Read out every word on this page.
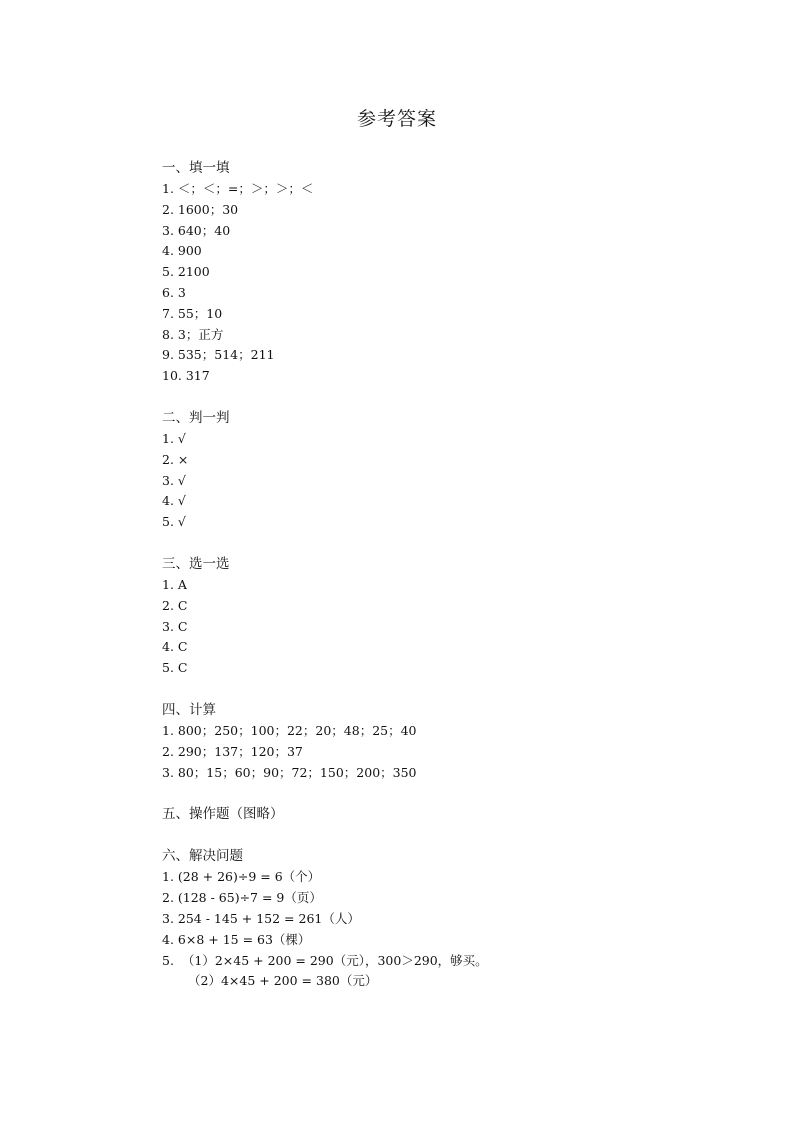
参考答案
一、填一填
1. ＜；＜；=；＞；＞；＜
2. 1600；30
3. 640；40
4. 900
5. 2100
6. 3
7. 55；10
8. 3；正方
9. 535；514；211
10. 317
二、判一判
1. √
2. ×
3. √
4. √
5. √
三、选一选
1. A
2. C
3. C
4. C
5. C
四、计算
1. 800；250；100；22；20；48；25；40
2. 290；137；120；37
3. 80；15；60；90；72；150；200；350
五、操作题（图略）
六、解决问题
1. (28 + 26)÷9 = 6（个）
2. (128 - 65)÷7 = 9（页）
3. 254 - 145 + 152 = 261（人）
4. 6×8 + 15 = 63（棵）
5.  （1）2×45 + 200 = 290（元），300＞290，够买。
（2）4×45 + 200 = 380（元）
